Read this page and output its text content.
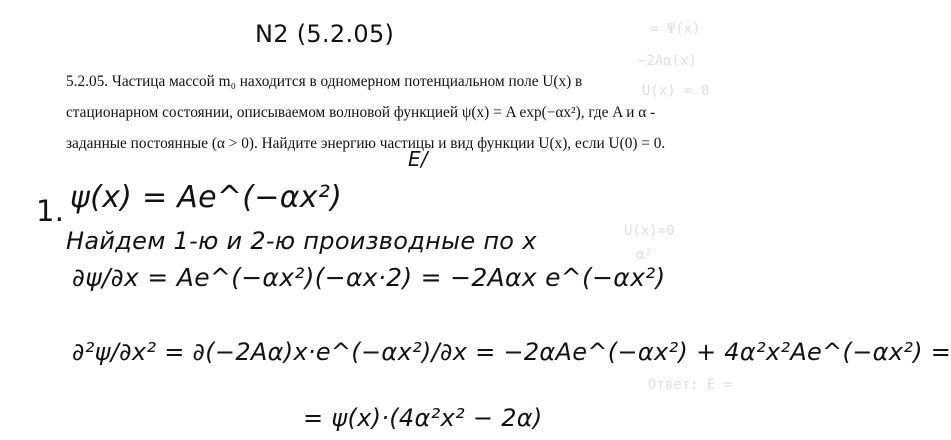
= Ψ(x)
−2Aα(x)
U(x) = 0
U(x)=0
α²
Ответ: E =
N2 (5.2.05)

5.2.05. Частица массой m₀ находится в одномерном потенциальном поле U(x) в

стационарном состоянии, описываемом волновой функцией ψ(x) = A exp(−αx²), где A и α -

заданные постоянные (α > 0). Найдите энергию частицы и вид функции U(x), если U(0) = 0.

E/
1. ψ(x) = Ae^(−αx²)
Найдем 1-ю и 2-ю производные по x
∂ψ/∂x = Ae^(−αx²)(−αx·2) = −2Aαx e^(−αx²)
∂²ψ/∂x² = ∂(−2Aα)x·e^(−αx²)/∂x = −2αAe^(−αx²) + 4α²x²Ae^(−αx²) =
= ψ(x)·(4α²x² − 2α)
